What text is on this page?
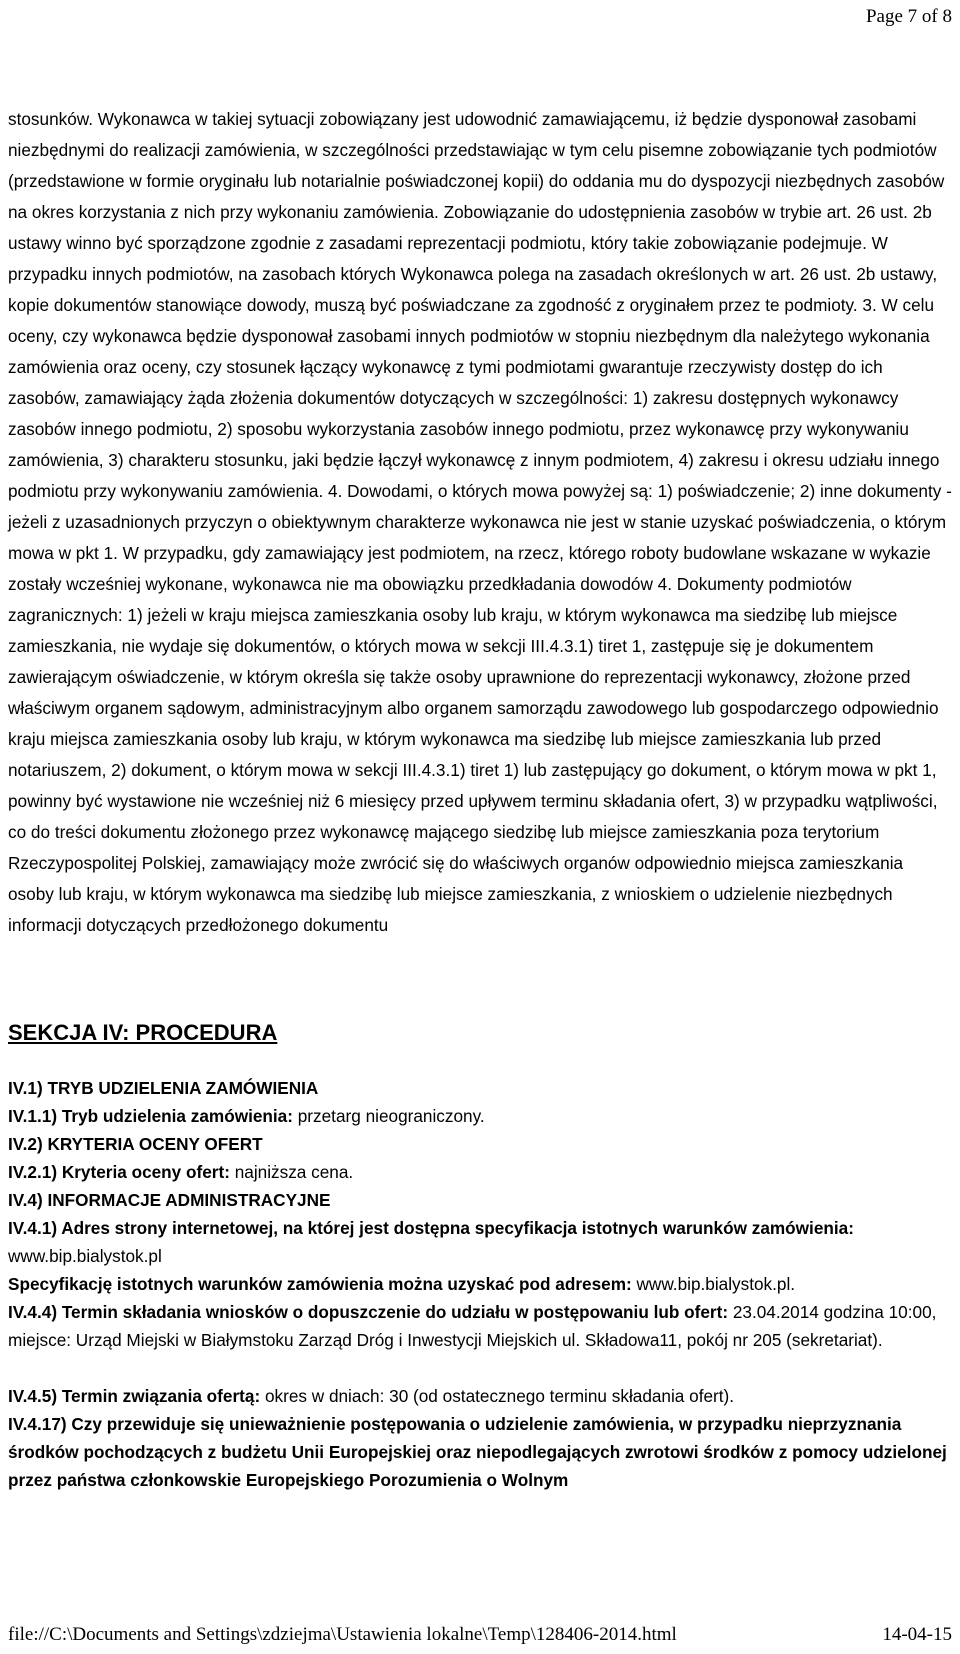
Page 7 of 8

stosunków. Wykonawca w takiej sytuacji zobowiązany jest udowodnić zamawiającemu, iż będzie dysponował zasobami niezbędnymi do realizacji zamówienia, w szczególności przedstawiając w tym celu pisemne zobowiązanie tych podmiotów (przedstawione w formie oryginału lub notarialnie poświadczonej kopii) do oddania mu do dyspozycji niezbędnych zasobów na okres korzystania z nich przy wykonaniu zamówienia. Zobowiązanie do udostępnienia zasobów w trybie art. 26 ust. 2b ustawy winno być sporządzone zgodnie z zasadami reprezentacji podmiotu, który takie zobowiązanie podejmuje. W przypadku innych podmiotów, na zasobach których Wykonawca polega na zasadach określonych w art. 26 ust. 2b ustawy, kopie dokumentów stanowiące dowody, muszą być poświadczane za zgodność z oryginałem przez te podmioty. 3. W celu oceny, czy wykonawca będzie dysponował zasobami innych podmiotów w stopniu niezbędnym dla należytego wykonania zamówienia oraz oceny, czy stosunek łączący wykonawcę z tymi podmiotami gwarantuje rzeczywisty dostęp do ich zasobów, zamawiający żąda złożenia dokumentów dotyczących w szczególności: 1) zakresu dostępnych wykonawcy zasobów innego podmiotu, 2) sposobu wykorzystania zasobów innego podmiotu, przez wykonawcę przy wykonywaniu zamówienia, 3) charakteru stosunku, jaki będzie łączył wykonawcę z innym podmiotem, 4) zakresu i okresu udziału innego podmiotu przy wykonywaniu zamówienia. 4. Dowodami, o których mowa powyżej są: 1) poświadczenie; 2) inne dokumenty - jeżeli z uzasadnionych przyczyn o obiektywnym charakterze wykonawca nie jest w stanie uzyskać poświadczenia, o którym mowa w pkt 1. W przypadku, gdy zamawiający jest podmiotem, na rzecz, którego roboty budowlane wskazane w wykazie zostały wcześniej wykonane, wykonawca nie ma obowiązku przedkładania dowodów 4. Dokumenty podmiotów zagranicznych: 1) jeżeli w kraju miejsca zamieszkania osoby lub kraju, w którym wykonawca ma siedzibę lub miejsce zamieszkania, nie wydaje się dokumentów, o których mowa w sekcji III.4.3.1) tiret 1, zastępuje się je dokumentem zawierającym oświadczenie, w którym określa się także osoby uprawnione do reprezentacji wykonawcy, złożone przed właściwym organem sądowym, administracyjnym albo organem samorządu zawodowego lub gospodarczego odpowiednio kraju miejsca zamieszkania osoby lub kraju, w którym wykonawca ma siedzibę lub miejsce zamieszkania lub przed notariuszem, 2) dokument, o którym mowa w sekcji III.4.3.1) tiret 1) lub zastępujący go dokument, o którym mowa w pkt 1, powinny być wystawione nie wcześniej niż 6 miesięcy przed upływem terminu składania ofert, 3) w przypadku wątpliwości, co do treści dokumentu złożonego przez wykonawcę mającego siedzibę lub miejsce zamieszkania poza terytorium Rzeczypospolitej Polskiej, zamawiający może zwrócić się do właściwych organów odpowiednio miejsca zamieszkania osoby lub kraju, w którym wykonawca ma siedzibę lub miejsce zamieszkania, z wnioskiem o udzielenie niezbędnych informacji dotyczących przedłożonego dokumentu

SEKCJA IV: PROCEDURA

IV.1) TRYB UDZIELENIA ZAMÓWIENIA

IV.1.1) Tryb udzielenia zamówienia: przetarg nieograniczony.

IV.2) KRYTERIA OCENY OFERT

IV.2.1) Kryteria oceny ofert: najniższa cena.

IV.4) INFORMACJE ADMINISTRACYJNE

IV.4.1) Adres strony internetowej, na której jest dostępna specyfikacja istotnych warunków zamówienia: www.bip.bialystok.pl

Specyfikację istotnych warunków zamówienia można uzyskać pod adresem: www.bip.bialystok.pl.

IV.4.4) Termin składania wniosków o dopuszczenie do udziału w postępowaniu lub ofert: 23.04.2014 godzina 10:00, miejsce: Urząd Miejski w Białymstoku Zarząd Dróg i Inwestycji Miejskich ul. Składowa11, pokój nr 205 (sekretariat).

IV.4.5) Termin związania ofertą: okres w dniach: 30 (od ostatecznego terminu składania ofert).

IV.4.17) Czy przewiduje się unieważnienie postępowania o udzielenie zamówienia, w przypadku nieprzyznania środków pochodzących z budżetu Unii Europejskiej oraz niepodlegających zwrotowi środków z pomocy udzielonej przez państwa członkowskie Europejskiego Porozumienia o Wolnym

file://C:\Documents and Settings\zdziejma\Ustawienia lokalne\Temp\128406-2014.html	14-04-15
